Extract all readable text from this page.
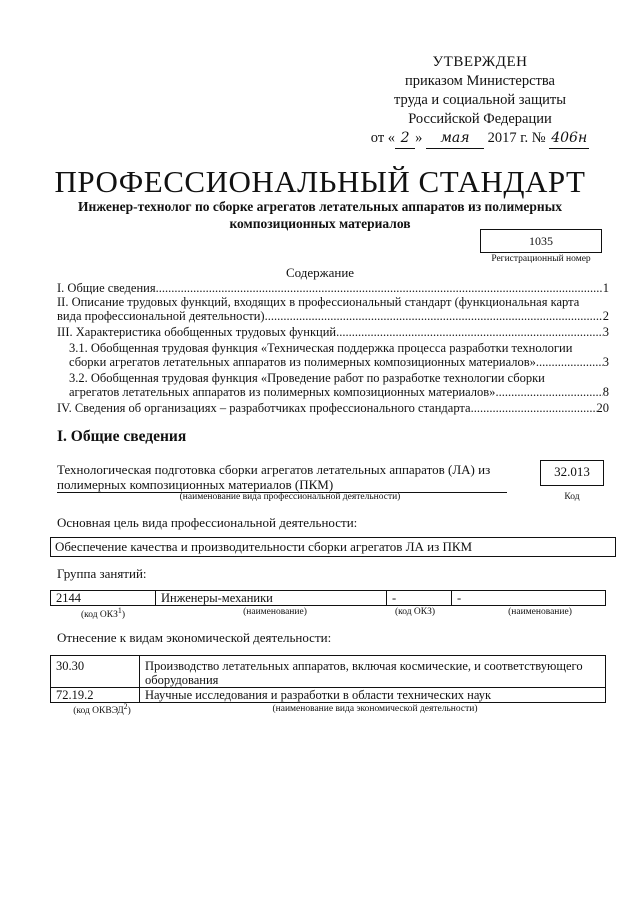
УТВЕРЖДЕН
приказом Министерства
труда и социальной защиты
Российской Федерации
от « 2 » мая 2017 г. № 406н
ПРОФЕССИОНАЛЬНЫЙ СТАНДАРТ
Инженер-технолог по сборке агрегатов летательных аппаратов из полимерных композиционных материалов
1035
Регистрационный номер
Содержание
I. Общие сведения .....	1
II. Описание трудовых функций, входящих в профессиональный стандарт (функциональная карта
вида профессиональной деятельности) .....	2
III. Характеристика обобщенных трудовых функций .....	3
3.1. Обобщенная трудовая функция «Техническая поддержка процесса разработки технологии
сборки агрегатов летательных аппаратов из полимерных композиционных материалов» .....	3
3.2. Обобщенная трудовая функция «Проведение работ по разработке технологии сборки
агрегатов летательных аппаратов из полимерных композиционных материалов» .....	8
IV. Сведения об организациях – разработчиках профессионального стандарта .....	20
I. Общие сведения
Технологическая подготовка сборки агрегатов летательных аппаратов (ЛА) из полимерных композиционных материалов (ПКМ)
(наименование вида профессиональной деятельности)
32.013
Код
Основная цель вида профессиональной деятельности:
Обеспечение качества и производительности сборки агрегатов ЛА из ПКМ
Группа занятий:
2144	Инженеры-механики	-	-
(код ОКЗ$^1$)	(наименование)	(код ОКЗ)	(наименование)
Отнесение к видам экономической деятельности:
30.30	Производство летательных аппаратов, включая космические, и соответствующего оборудования
72.19.2	Научные исследования и разработки в области технических наук
(код ОКВЭД$^2$)	(наименование вида экономической деятельности)
